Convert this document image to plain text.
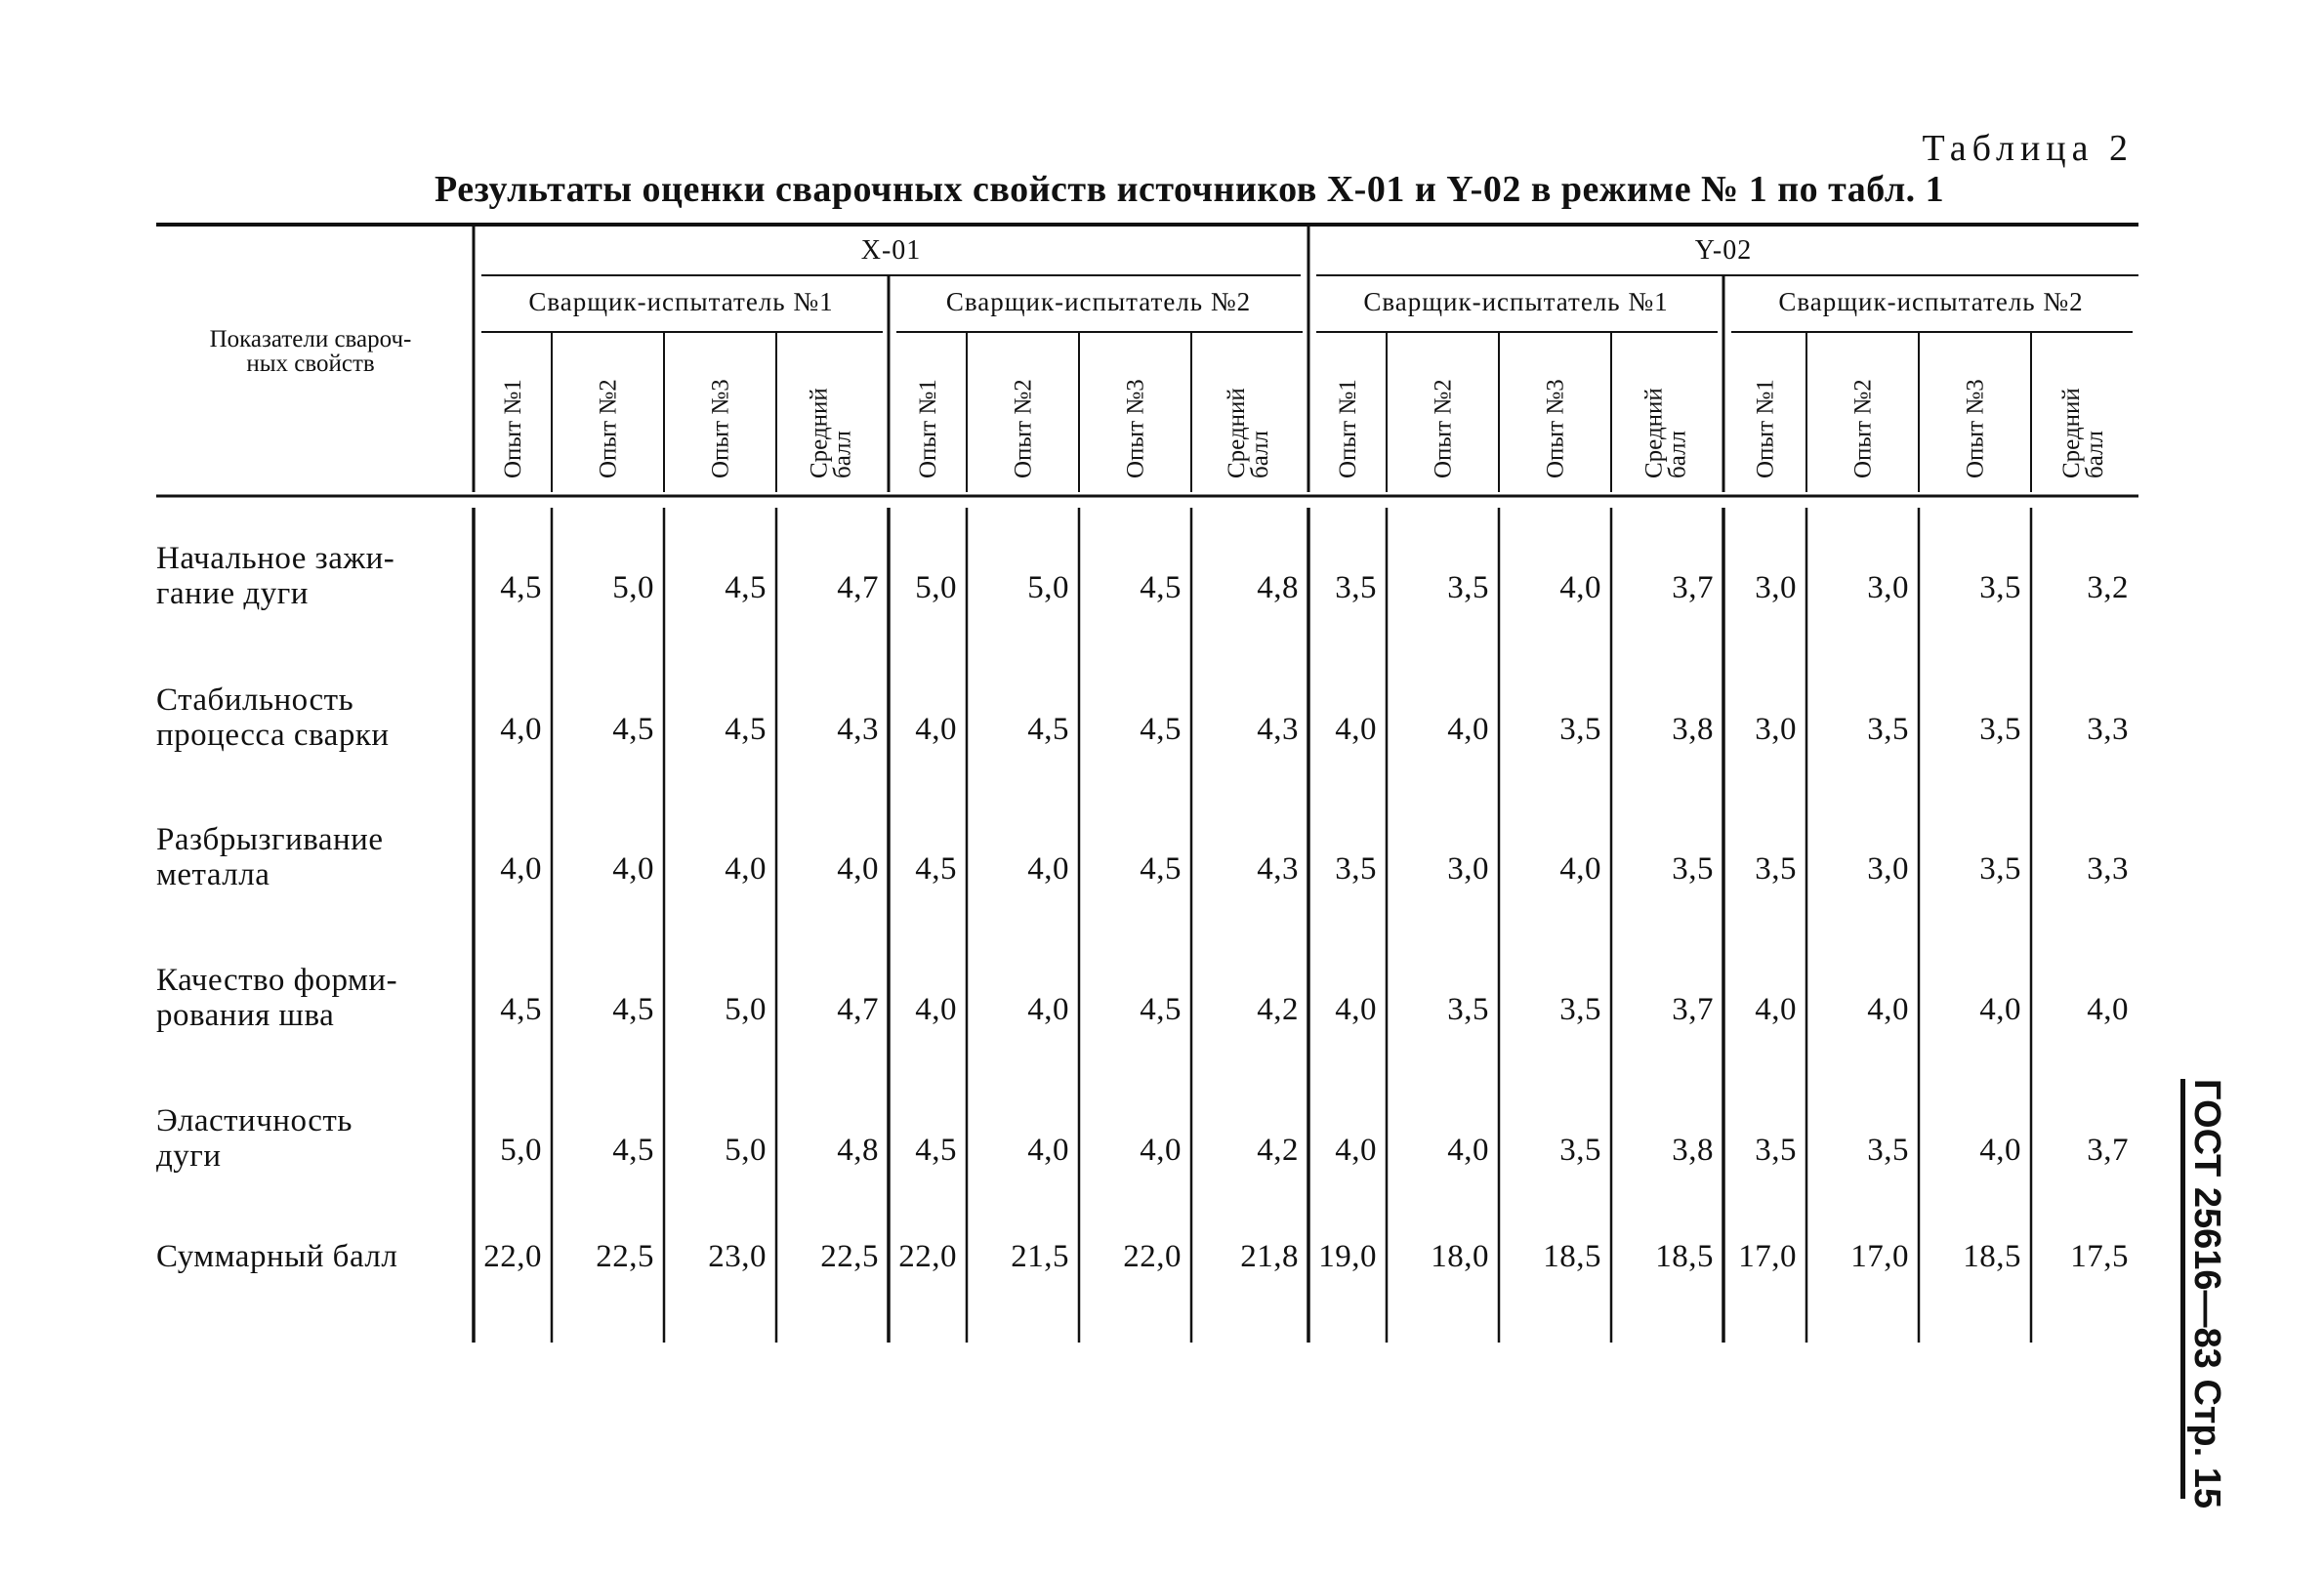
Таблица 2
Результаты оценки сварочных свойств источников X-01 и Y-02 в режиме № 1 по табл. 1
Показатели свароч-ных свойств
X-01
Сварщик-испытатель №1
Опыт №1	Опыт №2	Опыт №3	Среднийбалл
Сварщик-испытатель №2
Опыт №1	Опыт №2	Опыт №3	Среднийбалл
Y-02
Сварщик-испытатель №1
Опыт №1	Опыт №2	Опыт №3	Среднийбалл
Сварщик-испытатель №2
Опыт №1	Опыт №2	Опыт №3	Среднийбалл
Начальное зажи-гание дуги	4,5 5,0 4,5 4,7 5,0 5,0 4,5 4,8 3,5 3,5 4,0 3,7 3,0 3,0 3,5 3,2
Стабильность процесса сварки	4,0 4,5 4,5 4,3 4,0 4,5 4,5 4,3 4,0 4,0 3,5 3,8 3,0 3,5 3,5 3,3
Разбрызгивание металла	4,0 4,0 4,0 4,0 4,5 4,0 4,5 4,3 3,5 3,0 4,0 3,5 3,5 3,0 3,5 3,3
Качество форми-рования шва	4,5 4,5 5,0 4,7 4,0 4,0 4,5 4,2 4,0 3,5 3,5 3,7 4,0 4,0 4,0 4,0
Эластичность дуги	5,0 4,5 5,0 4,8 4,5 4,0 4,0 4,2 4,0 4,0 3,5 3,8 3,5 3,5 4,0 3,7
Суммарный балл	22,0 22,5 23,0 22,5 22,0 21,5 22,0 21,8 19,0 18,0 18,5 18,5 17,0 17,0 18,5 17,5 ГОСТ 25616—83 Стр. 15
